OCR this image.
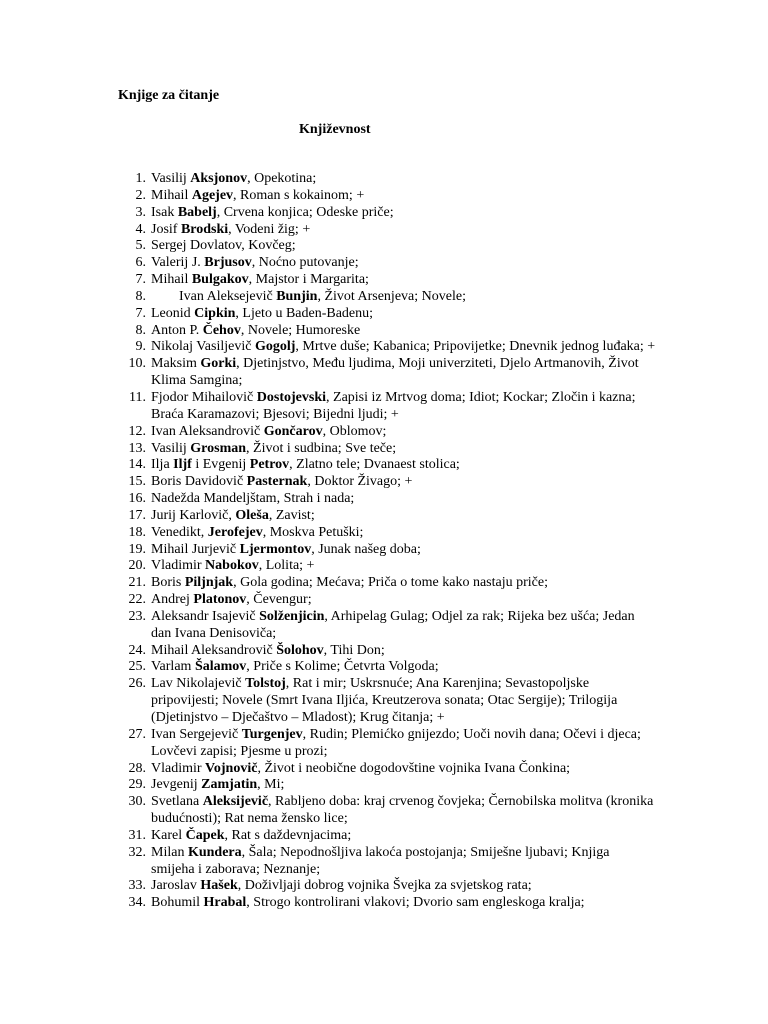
Knjige za čitanje
Književnost
1. Vasilij Aksjonov, Opekotina;
2. Mihail Agejev, Roman s kokainom; +
3. Isak Babelj, Crvena konjica; Odeske priče;
4. Josif Brodski, Vodeni žig; +
5. Sergej Dovlatov, Kovčeg;
6. Valerij J. Brjusov, Noćno putovanje;
7. Mihail Bulgakov, Majstor i Margarita;
8.	Ivan Aleksejevič Bunjin, Život Arsenjeva; Novele;
7. Leonid Cipkin, Ljeto u Baden-Badenu;
8. Anton P. Čehov, Novele; Humoreske
9. Nikolaj Vasiljevič Gogolj, Mrtve duše; Kabanica; Pripovijetke; Dnevnik jednog luđaka; +
10. Maksim Gorki, Djetinjstvo, Među ljudima, Moji univerziteti, Djelo Artmanovih, Život Klima Samgina;
11. Fjodor Mihailovič Dostojevski, Zapisi iz Mrtvog doma; Idiot; Kockar; Zločin i kazna; Braća Karamazovi; Bjesovi; Bijedni ljudi; +
12. Ivan Aleksandrovič Gončarov, Oblomov;
13. Vasilij Grosman, Život i sudbina; Sve teče;
14. Ilja Iljf i Evgenij Petrov, Zlatno tele; Dvanaest stolica;
15. Boris Davidovič Pasternak, Doktor Živago; +
16. Nadežda Mandeljštam, Strah i nada;
17. Jurij Karlovič, Oleša, Zavist;
18. Venedikt, Jerofejev, Moskva Petuški;
19. Mihail Jurjevič Ljermontov, Junak našeg doba;
20. Vladimir Nabokov, Lolita; +
21. Boris Piljnjak, Gola godina; Mećava; Priča o tome kako nastaju priče;
22. Andrej Platonov, Čevengur;
23. Aleksandr Isajevič Solženjicin, Arhipelag Gulag; Odjel za rak; Rijeka bez ušća; Jedan dan Ivana Denisoviča;
24. Mihail Aleksandrovič Šolohov, Tihi Don;
25. Varlam Šalamov, Priče s Kolime; Četvrta Volgoda;
26. Lav Nikolajevič Tolstoj, Rat i mir; Uskrsnuće; Ana Karenjina; Sevastopoljske pripovijesti; Novele (Smrt Ivana Iljića, Kreutzerova sonata; Otac Sergije); Trilogija (Djetinjstvo – Dječaštvo – Mladost); Krug čitanja; +
27. Ivan Sergejevič Turgenjev, Rudin; Plemićko gnijezdo; Uoči novih dana; Očevi i djeca; Lovčevi zapisi; Pjesme u prozi;
28. Vladimir Vojnovič, Život i neobične dogodovštine vojnika Ivana Čonkina;
29. Jevgenij Zamjatin, Mi;
30. Svetlana Aleksijevič, Rabljeno doba: kraj crvenog čovjeka; Černobilska molitva (kronika budućnosti); Rat nema žensko lice;
31. Karel Čapek, Rat s daždevnjacima;
32. Milan Kundera, Šala; Nepodnošljiva lakoća postojanja; Smiješne ljubavi; Knjiga smijeha i zaborava; Neznanje;
33. Jaroslav Hašek, Doživljaji dobrog vojnika Švejka za svjetskog rata;
34. Bohumil Hrabal, Strogo kontrolirani vlakovi; Dvorio sam engleskoga kralja;
